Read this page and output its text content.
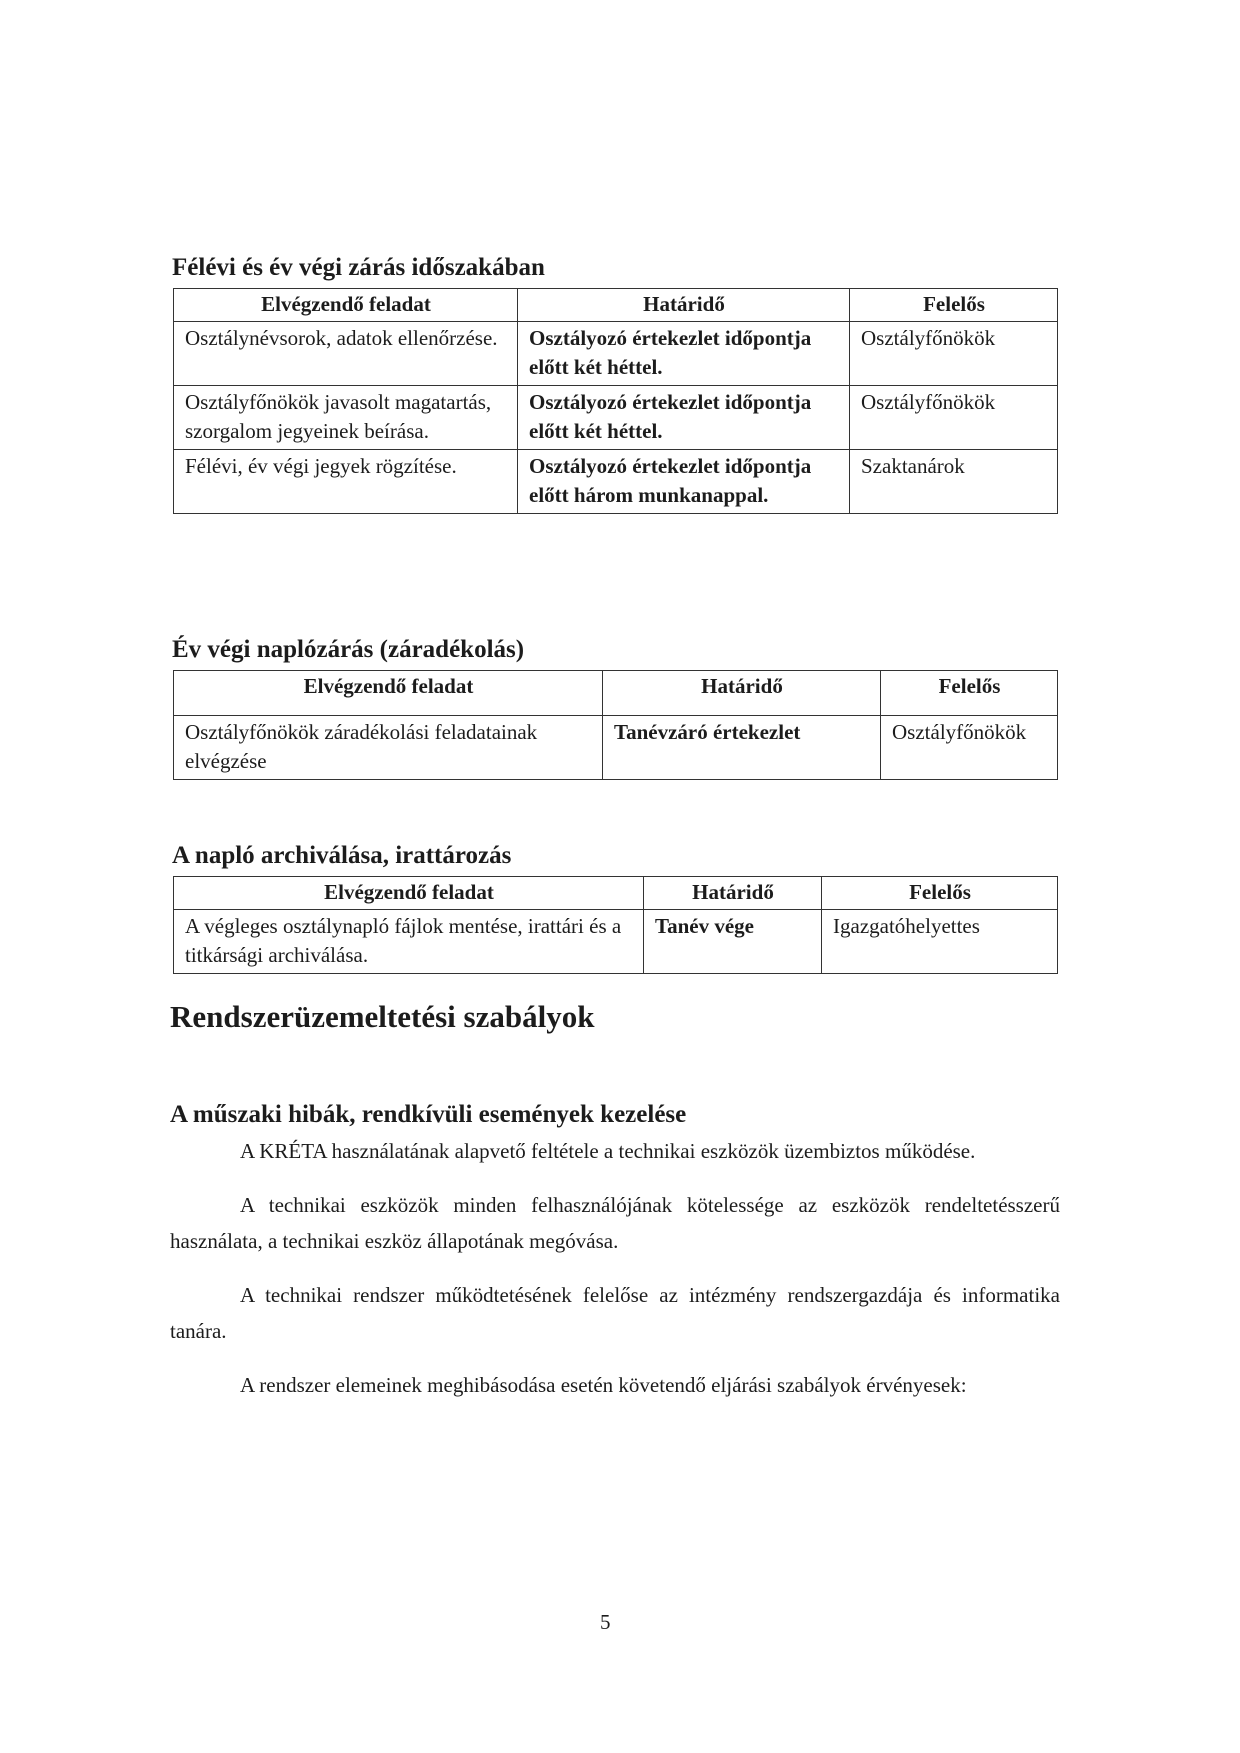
Félévi és év végi zárás időszakában
Elvégzendő feladat	Határidő	Felelős
Osztálynévsorok, adatok ellenőrzése.	Osztályozó értekezlet időpontja előtt két héttel.	Osztályfőnökök
Osztályfőnökök javasolt magatartás, szorgalom jegyeinek beírása.	Osztályozó értekezlet időpontja előtt két héttel.	Osztályfőnökök
Félévi, év végi jegyek rögzítése.	Osztályozó értekezlet időpontja előtt három munkanappal.	Szaktanárok
Év végi naplózárás (záradékolás)
Elvégzendő feladat	Határidő	Felelős
Osztályfőnökök záradékolási feladatainak elvégzése	Tanévzáró értekezlet	Osztályfőnökök
A napló archiválása, irattározás
Elvégzendő feladat	Határidő	Felelős
A végleges osztálynapló fájlok mentése, irattári és a titkársági archiválása.	Tanév vége	Igazgatóhelyettes
Rendszerüzemeltetési szabályok
A műszaki hibák, rendkívüli események kezelése

A KRÉTA használatának alapvető feltétele a technikai eszközök üzembiztos működése.

A technikai eszközök minden felhasználójának kötelessége az eszközök rendeltetésszerű használata, a technikai eszköz állapotának megóvása.

A technikai rendszer működtetésének felelőse az intézmény rendszergazdája és informatika tanára.

A rendszer elemeinek meghibásodása esetén követendő eljárási szabályok érvényesek:

5
